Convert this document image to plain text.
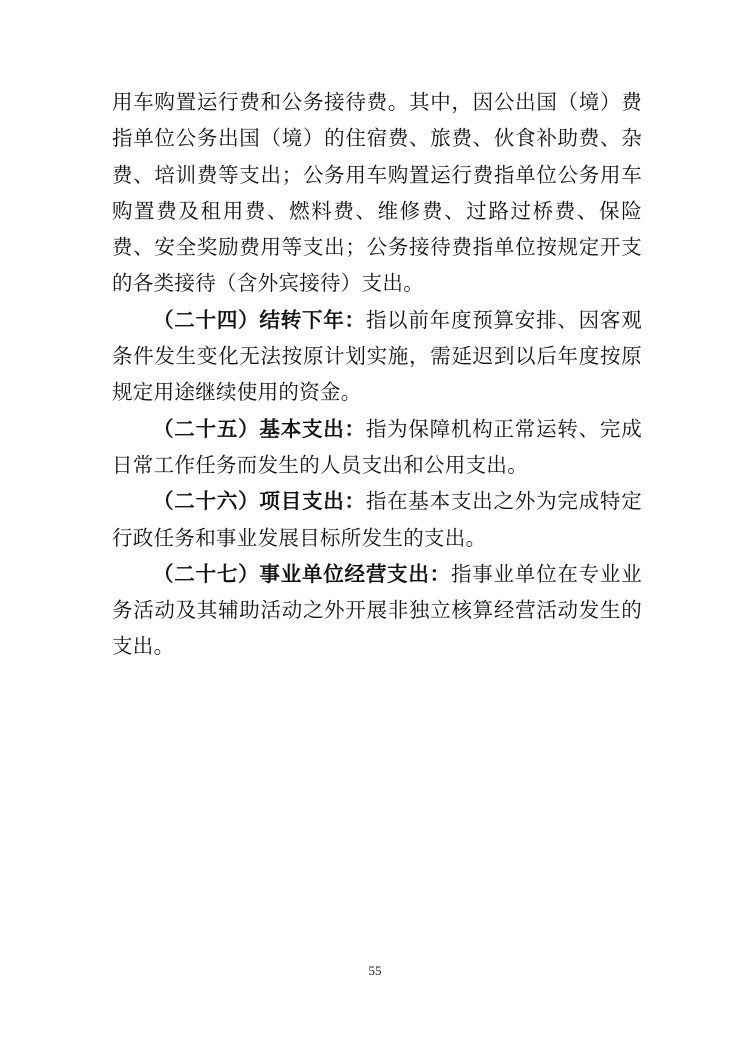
用车购置运行费和公务接待费。其中，因公出国（境）费指单位公务出国（境）的住宿费、旅费、伙食补助费、杂费、培训费等支出；公务用车购置运行费指单位公务用车购置费及租用费、燃料费、维修费、过路过桥费、保险费、安全奖励费用等支出；公务接待费指单位按规定开支的各类接待（含外宾接待）支出。

（二十四）结转下年：指以前年度预算安排、因客观条件发生变化无法按原计划实施，需延迟到以后年度按原规定用途继续使用的资金。

（二十五）基本支出：指为保障机构正常运转、完成日常工作任务而发生的人员支出和公用支出。

（二十六）项目支出：指在基本支出之外为完成特定行政任务和事业发展目标所发生的支出。

（二十七）事业单位经营支出：指事业单位在专业业务活动及其辅助活动之外开展非独立核算经营活动发生的支出。

55
